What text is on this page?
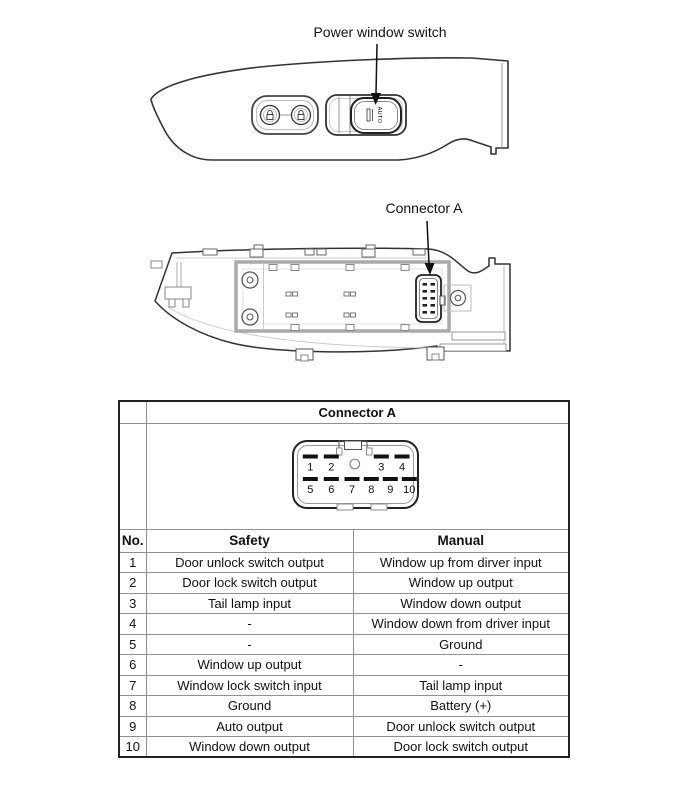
AUTO
Power window switch
Connector A
	Connector A	

1 2	3 4
5 6 7 8 9 10

No.	Safety	Manual
1	Door unlock switch output	Window up from dirver input
2	Door lock switch output	Window up output
3	Tail lamp input	Window down output
4	-	Window down from driver input
5	-	Ground
6	Window up output	-
7	Window lock switch input	Tail lamp input
8	Ground	Battery (+)
9	Auto output	Door unlock switch output
10	Window down output	Door lock switch output
